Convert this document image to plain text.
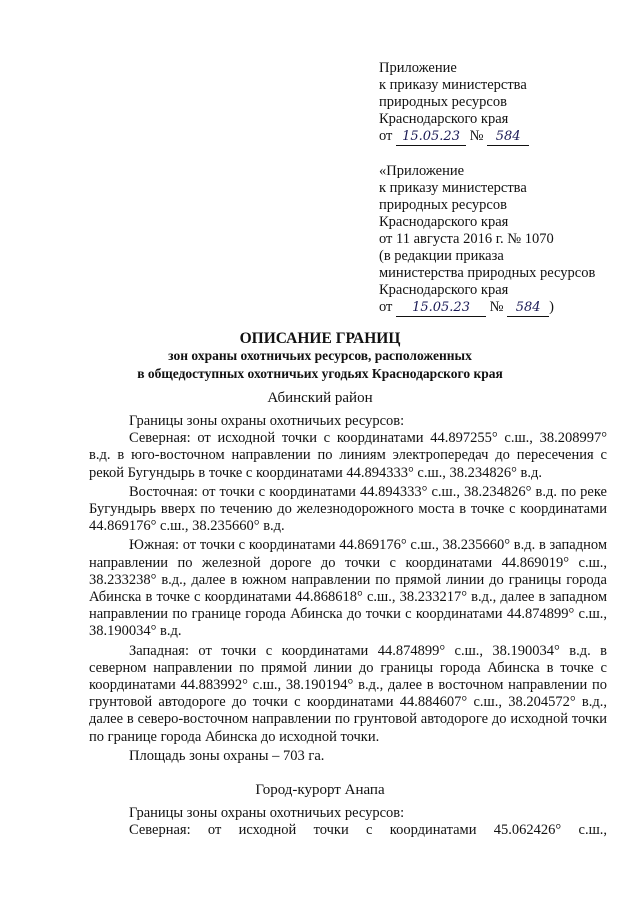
Приложение
к приказу министерства
природных ресурсов
Краснодарского края
от 15.05.23 № 584
«Приложение
к приказу министерства
природных ресурсов
Краснодарского края
от 11 августа 2016 г. № 1070
(в редакции приказа
министерства природных ресурсов
Краснодарского края
от 15.05.23 № 584 )
ОПИСАНИЕ ГРАНИЦ
зон охраны охотничьих ресурсов, расположенных
в общедоступных охотничьих угодьях Краснодарского края
Абинский район

Границы зоны охраны охотничьих ресурсов:

Северная: от исходной точки с координатами 44.897255° с.ш., 38.208997° в.д. в юго-восточном направлении по линиям электропередач до пересечения с рекой Бугундырь в точке с координатами 44.894333° с.ш., 38.234826° в.д.

Восточная: от точки с координатами 44.894333° с.ш., 38.234826° в.д. по реке Бугундырь вверх по течению до железнодорожного моста в точке с координатами 44.869176° с.ш., 38.235660° в.д.

Южная: от точки с координатами 44.869176° с.ш., 38.235660° в.д. в западном направлении по железной дороге до точки с координатами 44.869019° с.ш., 38.233238° в.д., далее в южном направлении по прямой линии до границы города Абинска в точке с координатами 44.868618° с.ш., 38.233217° в.д., далее в западном направлении по границе города Абинска до точки с координатами 44.874899° с.ш., 38.190034° в.д.

Западная: от точки с координатами 44.874899° с.ш., 38.190034° в.д. в северном направлении по прямой линии до границы города Абинска в точке с координатами 44.883992° с.ш., 38.190194° в.д., далее в восточном направлении по грунтовой автодороге до точки с координатами 44.884607° с.ш., 38.204572° в.д., далее в северо-восточном направлении по грунтовой автодороге до исходной точки по границе города Абинска до исходной точки.

Площадь зоны охраны – 703 га.

Город-курорт Анапа

Границы зоны охраны охотничьих ресурсов:

Северная: от исходной точки с координатами 45.062426° с.ш.,
